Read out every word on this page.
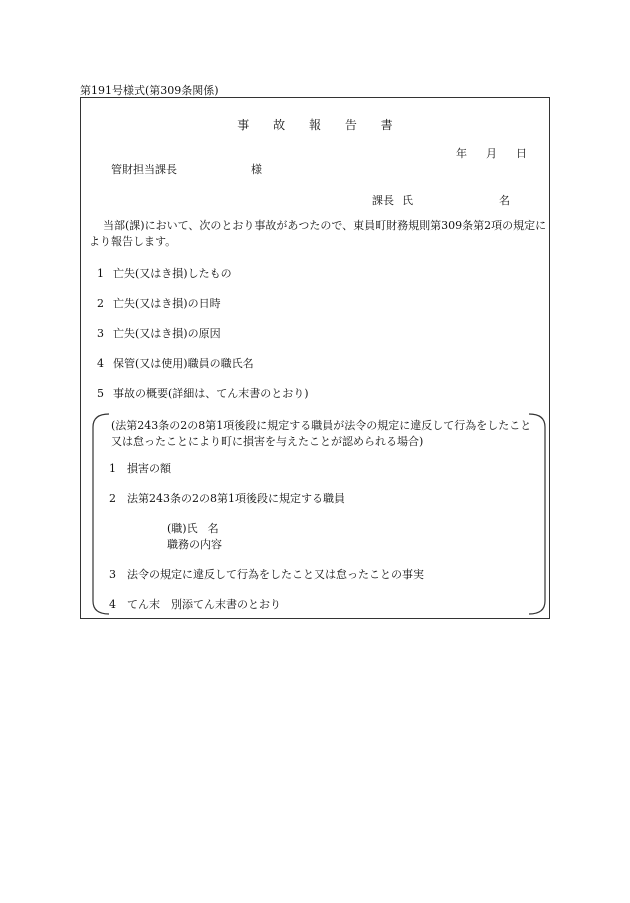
第191号様式(第309条関係)
事 故 報 告 書
年 月 日
管財担当課長	様
課長 氏	名
当部(課)において、次のとおり事故があつたので、東員町財務規則第309条第2項の規定により報告します。
1 亡失(又はき損)したもの
2 亡失(又はき損)の日時
3 亡失(又はき損)の原因
4 保管(又は使用)職員の職氏名
5 事故の概要(詳細は、てん末書のとおり)
(法第243条の2の8第1項後段に規定する職員が法令の規定に違反して行為をしたこと又は怠ったことにより町に損害を与えたことが認められる場合)
1 損害の額
2 法第243条の2の8第1項後段に規定する職員
(職)氏 名
職務の内容
3 法令の規定に違反して行為をしたこと又は怠ったことの事実
4 てん末　別添てん末書のとおり
